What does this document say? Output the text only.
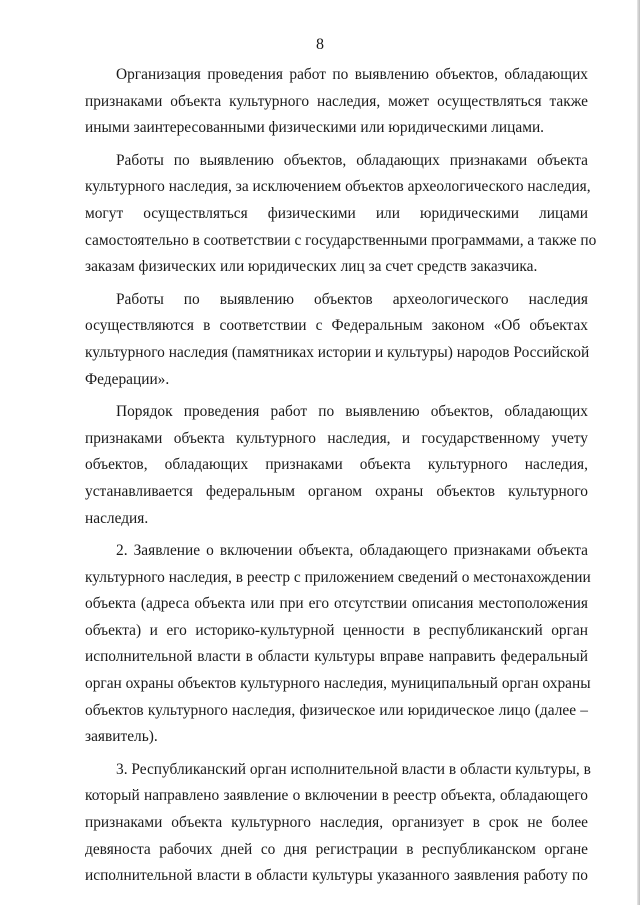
8
Организация проведения работ по выявлению объектов, обладающих
признаками объекта культурного наследия, может осуществляться также
иными заинтересованными физическими или юридическими лицами.
Работы по выявлению объектов, обладающих признаками объекта
культурного наследия, за исключением объектов археологического наследия,
могут осуществляться физическими или юридическими лицами
самостоятельно в соответствии с государственными программами, а также по
заказам физических или юридических лиц за счет средств заказчика.
Работы по выявлению объектов археологического наследия
осуществляются в соответствии с Федеральным законом «Об объектах
культурного наследия (памятниках истории и культуры) народов Российской
Федерации».
Порядок проведения работ по выявлению объектов, обладающих
признаками объекта культурного наследия, и государственному учету
объектов, обладающих признаками объекта культурного наследия,
устанавливается федеральным органом охраны объектов культурного
наследия.
2. Заявление о включении объекта, обладающего признаками объекта
культурного наследия, в реестр с приложением сведений о местонахождении
объекта (адреса объекта или при его отсутствии описания местоположения
объекта) и его историко-культурной ценности в республиканский орган
исполнительной власти в области культуры вправе направить федеральный
орган охраны объектов культурного наследия, муниципальный орган охраны
объектов культурного наследия, физическое или юридическое лицо (далее –
заявитель).
3. Республиканский орган исполнительной власти в области культуры, в
который направлено заявление о включении в реестр объекта, обладающего
признаками объекта культурного наследия, организует в срок не более
девяноста рабочих дней со дня регистрации в республиканском органе
исполнительной власти в области культуры указанного заявления работу по
